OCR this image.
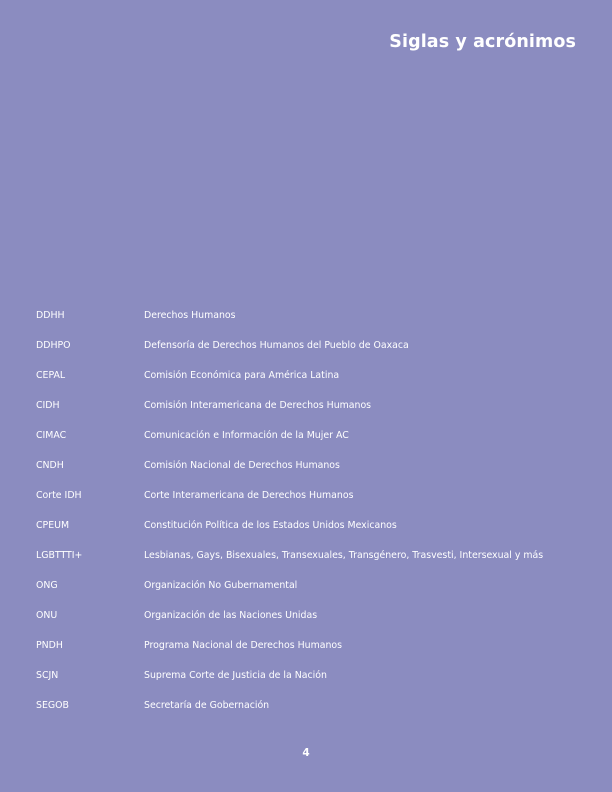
Siglas y acrónimos
DDHH	Derechos Humanos
DDHPO	Defensoría de Derechos Humanos del Pueblo de Oaxaca
CEPAL	Comisión Económica para América Latina
CIDH	Comisión Interamericana de Derechos Humanos
CIMAC	Comunicación e Información de la Mujer AC
CNDH	Comisión Nacional de Derechos Humanos
Corte IDH	Corte Interamericana de Derechos Humanos
CPEUM	Constitución Política de los Estados Unidos Mexicanos
LGBTTTI+	Lesbianas, Gays, Bisexuales, Transexuales, Transgénero, Trasvesti, Intersexual y más
ONG	Organización No Gubernamental
ONU	Organización de las Naciones Unidas
PNDH	Programa Nacional de Derechos Humanos
SCJN	Suprema Corte de Justicia de la Nación
SEGOB	Secretaría de Gobernación
4
